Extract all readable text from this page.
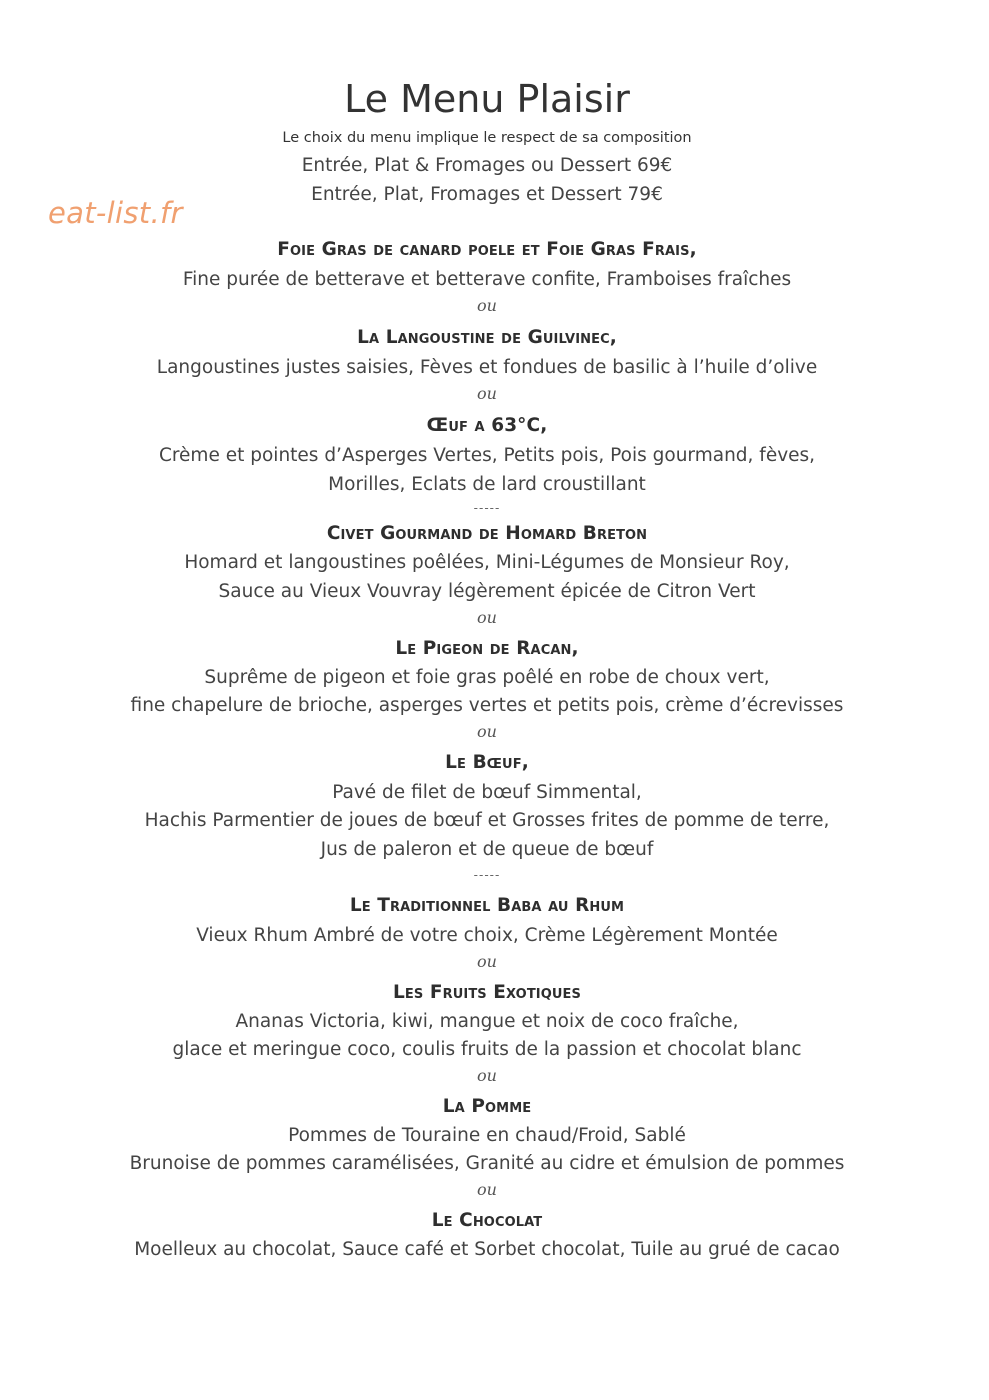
eat-list.fr
Le Menu Plaisir
Le choix du menu implique le respect de sa composition
Entrée, Plat & Fromages ou Dessert 69€
Entrée, Plat, Fromages et Dessert 79€
Foie Gras de canard poele et Foie Gras Frais,
Fine purée de betterave et betterave confite, Framboises fraîches
ou
La Langoustine de Guilvinec,
Langoustines justes saisies, Fèves et fondues de basilic à l’huile d’olive
ou
Œuf a 63°C,
Crème et pointes d’Asperges Vertes, Petits pois, Pois gourmand, fèves,
Morilles, Eclats de lard croustillant
-----
Civet Gourmand de Homard Breton
Homard et langoustines poêlées, Mini-Légumes de Monsieur Roy,
Sauce au Vieux Vouvray légèrement épicée de Citron Vert
ou
Le Pigeon de Racan,
Suprême de pigeon et foie gras poêlé en robe de choux vert,
fine chapelure de brioche, asperges vertes et petits pois, crème d’écrevisses
ou
Le Bœuf,
Pavé de filet de bœuf Simmental,
Hachis Parmentier de joues de bœuf et Grosses frites de pomme de terre,
Jus de paleron et de queue de bœuf
-----
Le Traditionnel Baba au Rhum
Vieux Rhum Ambré de votre choix, Crème Légèrement Montée
ou
Les Fruits Exotiques
Ananas Victoria, kiwi, mangue et noix de coco fraîche,
glace et meringue coco, coulis fruits de la passion et chocolat blanc
ou
La Pomme
Pommes de Touraine en chaud/Froid, Sablé
Brunoise de pommes caramélisées, Granité au cidre et émulsion de pommes
ou
Le Chocolat
Moelleux au chocolat, Sauce café et Sorbet chocolat, Tuile au grué de cacao
